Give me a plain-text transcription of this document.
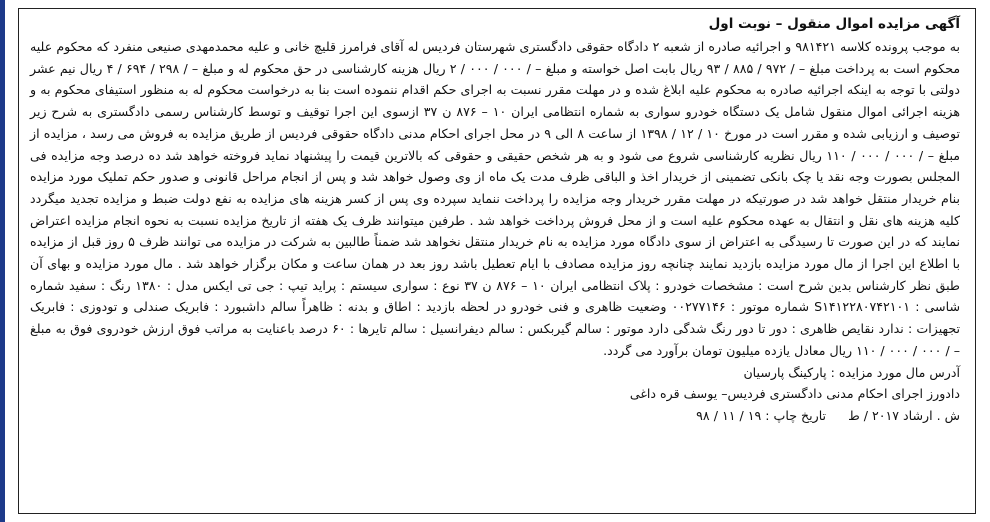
آگهی مزایده اموال منقول – نوبت اول

به موجب پرونده کلاسه ۹۸۱۴۲۱ و اجرائیه صادره از شعبه ۲ دادگاه حقوقی دادگستری شهرستان فردیس له آقای فرامرز قلیچ خانی و علیه محمدمهدی صنیعی منفرد که محکوم علیه محکوم است به پرداخت مبلغ – / ۹۷۲ / ۸۸۵ / ۹۳ ریال بابت اصل خواسته و مبلغ – / ۰۰۰ / ۰۰۰ / ۲ ریال هزینه کارشناسی در حق محکوم له و مبلغ – / ۲۹۸ / ۶۹۴ / ۴ ریال نیم عشر دولتی با توجه به اینکه اجرائیه صادره به محکوم علیه ابلاغ شده و در مهلت مقرر نسبت به اجرای حکم اقدام ننموده است بنا به درخواست محکوم له به منظور استیفای محکوم به و هزینه اجرائی اموال منقول شامل یک دستگاه خودرو سواری به شماره انتظامی ایران ۱۰ – ۸۷۶ ن ۳۷ ازسوی این اجرا توقیف و توسط کارشناس رسمی دادگستری به شرح زیر توصیف و ارزیابی شده و مقرر است در مورخ ۱۰ / ۱۲ / ۱۳۹۸ از ساعت ۸ الی ۹ در محل اجرای احکام مدنی دادگاه حقوقی فردیس از طریق مزایده به فروش می رسد ، مزایده از مبلغ – / ۰۰۰ / ۰۰۰ / ۱۱۰ ریال نظریه کارشناسی شروع می شود و به هر شخص حقیقی و حقوقی که بالاترین قیمت را پیشنهاد نماید فروخته خواهد شد ده درصد وجه مزایده فی المجلس بصورت وجه نقد یا چک بانکی تضمینی از خریدار اخذ و الباقی ظرف مدت یک ماه از وی وصول خواهد شد و پس از انجام مراحل قانونی و صدور حکم تملیک مورد مزایده بنام خریدار منتقل خواهد شد در صورتیکه در مهلت مقرر خریدار وجه مزایده را پرداخت ننماید سپرده وی پس از کسر هزینه های مزایده به نفع دولت ضبط و مزایده تجدید میگردد کلیه هزینه های نقل و انتقال به عهده محکوم علیه است و از محل فروش پرداخت خواهد شد . طرفین میتوانند ظرف یک هفته از تاریخ مزایده نسبت به نحوه انجام مزایده اعتراض نمایند که در این صورت تا رسیدگی به اعتراض از سوی دادگاه مورد مزایده به نام خریدار منتقل نخواهد شد ضمناً طالبین به شرکت در مزایده می توانند ظرف ۵ روز قبل از مزایده با اطلاع این اجرا از مال مورد مزایده بازدید نمایند چنانچه روز مزایده مصادف با ایام تعطیل باشد روز بعد در همان ساعت و مکان برگزار خواهد شد . مال مورد مزایده و بهای آن طبق نظر کارشناس بدین شرح است : مشخصات خودرو : پلاک انتظامی ایران ۱۰ – ۸۷۶ ن ۳۷ نوع : سواری سیستم : پراید تیپ : جی تی ایکس مدل : ۱۳۸۰ رنگ : سفید شماره شاسی : S۱۴۱۲۲۸۰۷۴۲۱۰۱ شماره موتور : ۰۰۲۷۷۱۴۶ وضعیت ظاهری و فنی خودرو در لحظه بازدید : اطاق و بدنه : ظاهراً سالم داشبورد : فابریک صندلی و تودوزی : فابریک تجهیزات : ندارد نقایص ظاهری : دور تا دور رنگ شدگی دارد موتور : سالم گیربکس : سالم دیفرانسیل : سالم تایرها : ۶۰ درصد باعنایت به مراتب فوق ارزش خودروی فوق به مبلغ – / ۰۰۰ / ۰۰۰ / ۱۱۰ ریال معادل یازده میلیون تومان برآورد می گردد.

آدرس مال مورد مزایده : پارکینگ پارسیان

دادورز اجرای احکام مدنی دادگستری فردیس– یوسف قره داغی

ش . ارشاد ۲۰۱۷ / ط
تاریخ چاپ : ۱۹ / ۱۱ / ۹۸
